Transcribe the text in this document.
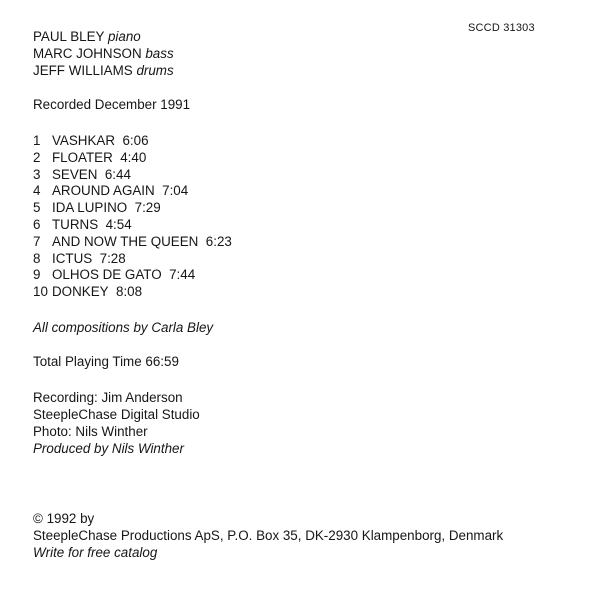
SCCD 31303
PAUL BLEY piano
MARC JOHNSON bass
JEFF WILLIAMS drums
Recorded December 1991
1 VASHKAR 6:06
2 FLOATER 4:40
3 SEVEN 6:44
4 AROUND AGAIN 7:04
5 IDA LUPINO 7:29
6 TURNS 4:54
7 AND NOW THE QUEEN 6:23
8 ICTUS 7:28
9 OLHOS DE GATO 7:44
10 DONKEY 8:08
All compositions by Carla Bley
Total Playing Time 66:59
Recording: Jim Anderson
SteepleChase Digital Studio
Photo: Nils Winther
Produced by Nils Winther
© 1992 by
SteepleChase Productions ApS, P.O. Box 35, DK-2930 Klampenborg, Denmark
Write for free catalog
